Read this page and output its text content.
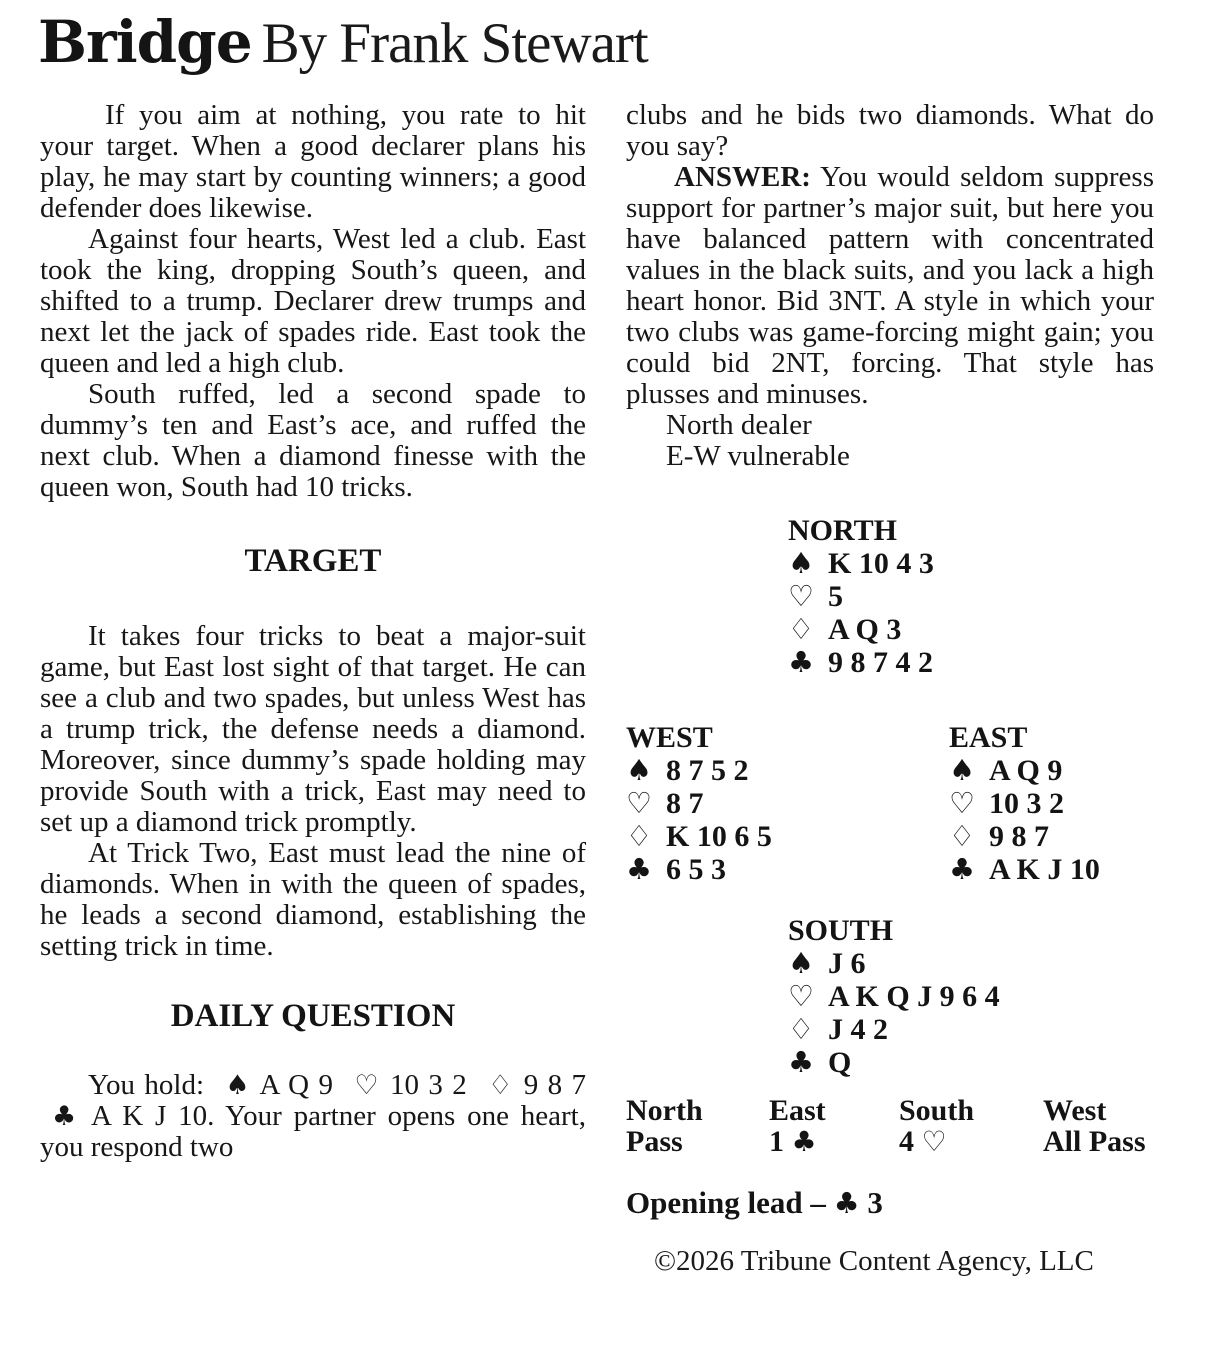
Bridge By Frank Stewart

If you aim at nothing, you rate to hit your target. When a good declarer plans his play, he may start by counting winners; a good defender does likewise.

Against four hearts, West led a club. East took the king, dropping South’s queen, and shifted to a trump. Declarer drew trumps and next let the jack of spades ride. East took the queen and led a high club.

South ruffed, led a second spade to dummy’s ten and East’s ace, and ruffed the next club. When a diamond finesse with the queen won, South had 10 tricks.

TARGET

It takes four tricks to beat a major-suit game, but East lost sight of that target. He can see a club and two spades, but unless West has a trump trick, the defense needs a diamond. Moreover, since dummy’s spade holding may provide South with a trick, East may need to set up a diamond trick promptly.

At Trick Two, East must lead the nine of diamonds. When in with the queen of spades, he leads a second diamond, establishing the setting trick in time.

DAILY QUESTION

You hold: ♠ A Q 9 ♡ 10 3 2 ♢ 9 8 7 ♣ A K J 10. Your partner opens one heart, you respond two

clubs and he bids two diamonds. What do you say?

ANSWER: You would seldom suppress support for partner’s major suit, but here you have balanced pattern with concentrated values in the black suits, and you lack a high heart honor. Bid 3NT. A style in which your two clubs was game-forcing might gain; you could bid 2NT, forcing. That style has plusses and minuses.

North dealer

E-W vulnerable

NORTH
♠ K 10 4 3
♡ 5
♢ A Q 3
♣ 9 8 7 4 2
WEST
♠ 8 7 5 2
♡ 8 7
♢ K 10 6 5
♣ 6 5 3
EAST
♠ A Q 9
♡ 10 3 2
♢ 9 8 7
♣ A K J 10
SOUTH
♠ J 6
♡ A K Q J 9 6 4
♢ J 4 2
♣ Q
North	East	South	West
Pass	1 ♣	4 ♡	All Pass
Opening lead – ♣ 3
©2026 Tribune Content Agency, LLC
